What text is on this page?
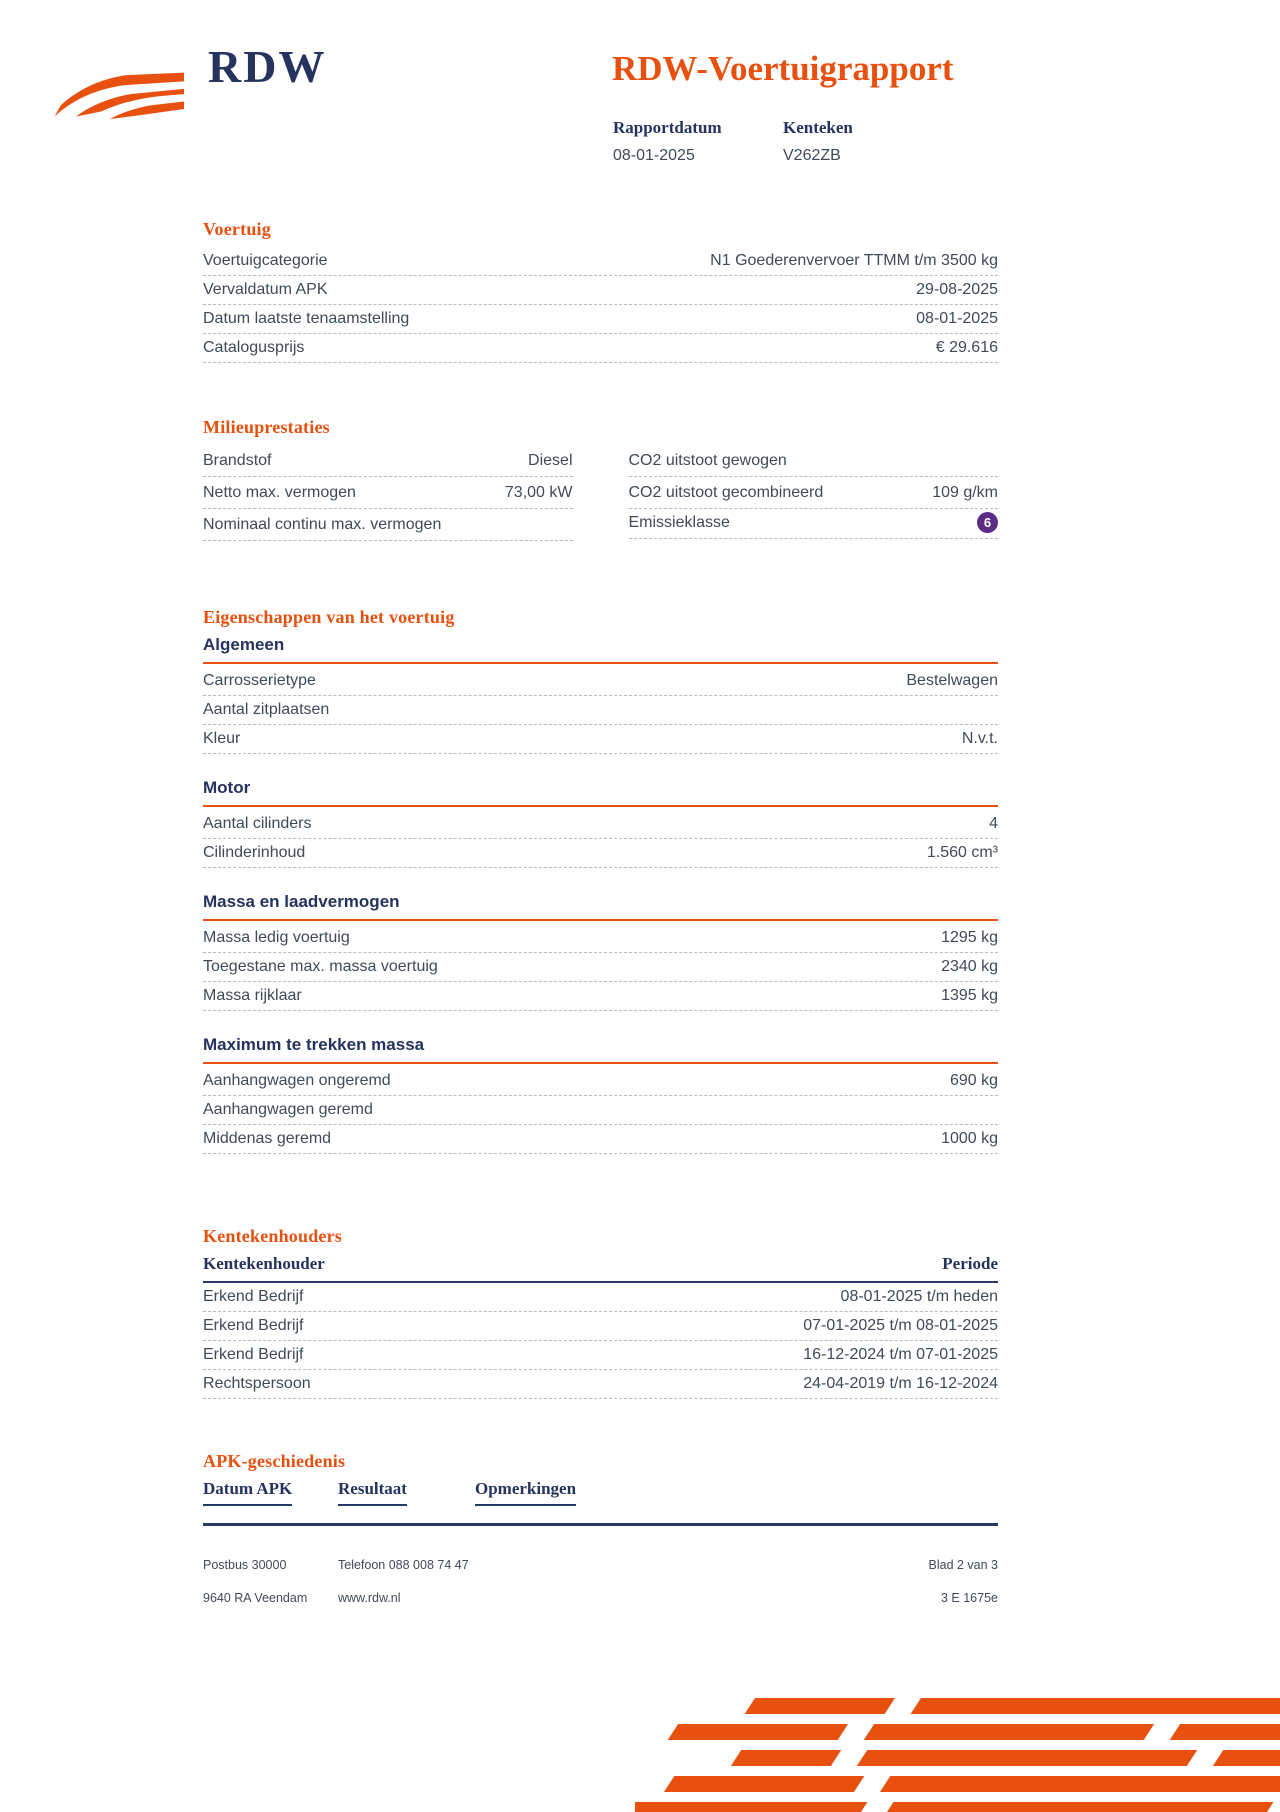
RDW	RDW-Voertuigrapport
Rapportdatum
08-01-2025
Kenteken
V262ZB
Voertuig
Voertuigcategorie	N1 Goederenvervoer TTMM t/m 3500 kg
Vervaldatum APK	29-08-2025
Datum laatste tenaamstelling	08-01-2025
Catalogusprijs	€ 29.616
Milieuprestaties
Brandstof	Diesel
Netto max. vermogen	73,00 kW
Nominaal continu max. vermogen
CO2 uitstoot gewogen
CO2 uitstoot gecombineerd	109 g/km
Emissieklasse	6
Eigenschappen van het voertuig
Algemeen
Carrosserietype	Bestelwagen
Aantal zitplaatsen
Kleur	N.v.t.
Motor
Aantal cilinders	4
Cilinderinhoud	1.560 cm³
Massa en laadvermogen
Massa ledig voertuig	1295 kg
Toegestane max. massa voertuig	2340 kg
Massa rijklaar	1395 kg
Maximum te trekken massa
Aanhangwagen ongeremd	690 kg
Aanhangwagen geremd
Middenas geremd	1000 kg
Kentekenhouders
Kentekenhouder	Periode
Erkend Bedrijf	08-01-2025 t/m heden
Erkend Bedrijf	07-01-2025 t/m 08-01-2025
Erkend Bedrijf	16-12-2024 t/m 07-01-2025
Rechtspersoon	24-04-2019 t/m 16-12-2024
APK-geschiedenis
Datum APK	Resultaat	Opmerkingen
Postbus 30000	Telefoon 088 008 74 47	Blad 2 van 3
9640 RA Veendam	www.rdw.nl	3 E 1675e
